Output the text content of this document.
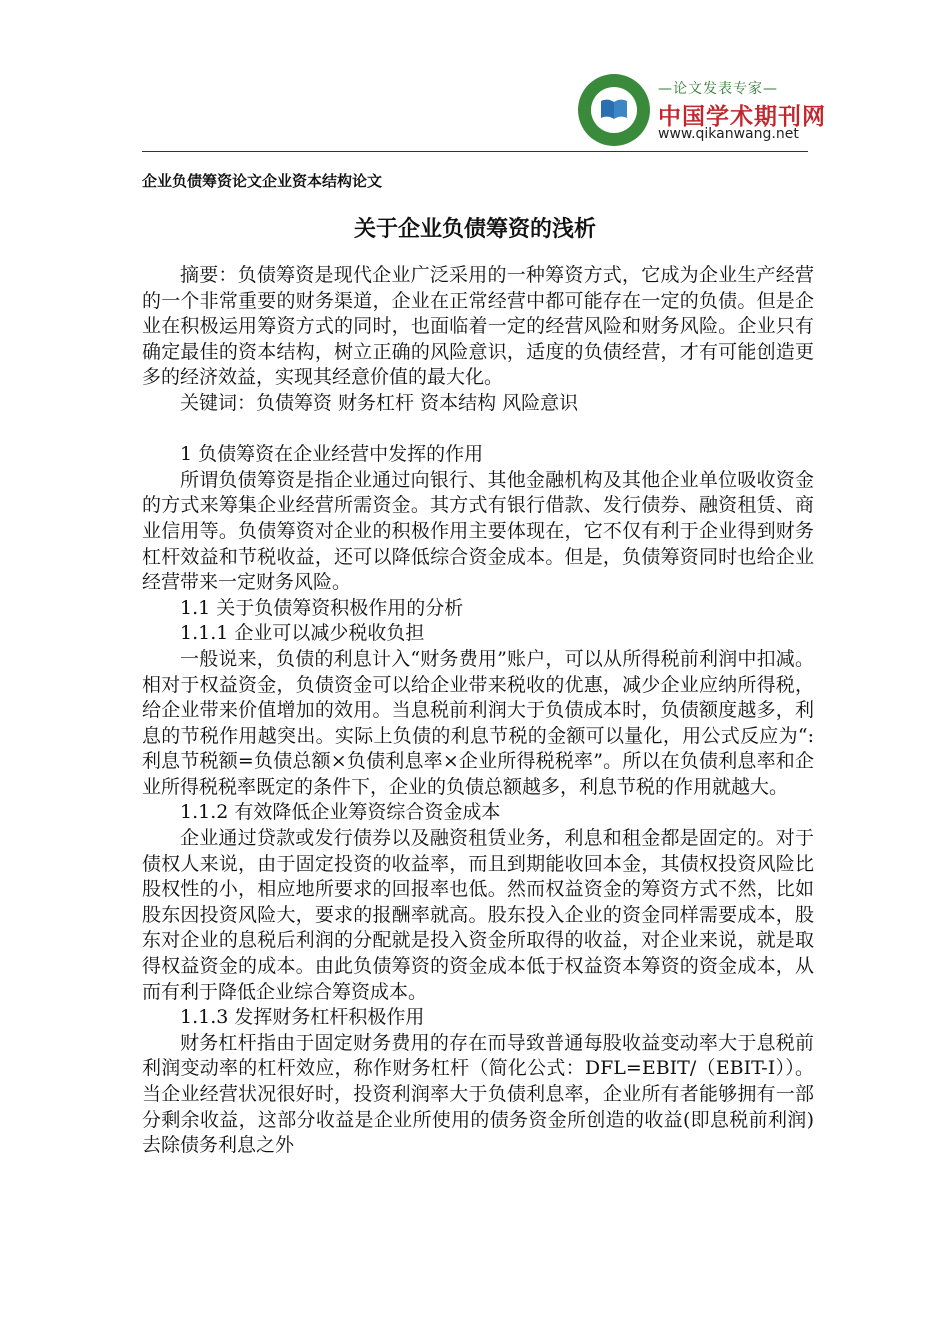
—论文发表专家—
中国学术期刊网
www.qikanwang.net
企业负债筹资论文企业资本结构论文
关于企业负债筹资的浅析

摘要：负债筹资是现代企业广泛采用的一种筹资方式，它成为企业生产经营的一个非常重要的财务渠道，企业在正常经营中都可能存在一定的负债。但是企业在积极运用筹资方式的同时，也面临着一定的经营风险和财务风险。企业只有确定最佳的资本结构，树立正确的风险意识，适度的负债经营，才有可能创造更多的经济效益，实现其经意价值的最大化。

关键词：负债筹资 财务杠杆 资本结构 风险意识

1 负债筹资在企业经营中发挥的作用

所谓负债筹资是指企业通过向银行、其他金融机构及其他企业单位吸收资金的方式来筹集企业经营所需资金。其方式有银行借款、发行债券、融资租赁、商业信用等。负债筹资对企业的积极作用主要体现在，它不仅有利于企业得到财务杠杆效益和节税收益，还可以降低综合资金成本。但是，负债筹资同时也给企业经营带来一定财务风险。

1.1 关于负债筹资积极作用的分析

1.1.1 企业可以减少税收负担

一般说来，负债的利息计入“财务费用”账户，可以从所得税前利润中扣减。相对于权益资金，负债资金可以给企业带来税收的优惠，减少企业应纳所得税，给企业带来价值增加的效用。当息税前利润大于负债成本时，负债额度越多，利息的节税作用越突出。实际上负债的利息节税的金额可以量化，用公式反应为“:利息节税额=负债总额×负债利息率×企业所得税税率”。所以在负债利息率和企业所得税税率既定的条件下，企业的负债总额越多，利息节税的作用就越大。

1.1.2 有效降低企业筹资综合资金成本

企业通过贷款或发行债券以及融资租赁业务，利息和租金都是固定的。对于债权人来说，由于固定投资的收益率，而且到期能收回本金，其债权投资风险比股权性的小，相应地所要求的回报率也低。然而权益资金的筹资方式不然，比如股东因投资风险大，要求的报酬率就高。股东投入企业的资金同样需要成本，股东对企业的息税后利润的分配就是投入资金所取得的收益，对企业来说，就是取得权益资金的成本。由此负债筹资的资金成本低于权益资本筹资的资金成本，从而有利于降低企业综合筹资成本。

1.1.3 发挥财务杠杆积极作用

财务杠杆指由于固定财务费用的存在而导致普通每股收益变动率大于息税前利润变动率的杠杆效应，称作财务杠杆（简化公式：DFL=EBIT/（EBIT-I））。当企业经营状况很好时，投资利润率大于负债利息率，企业所有者能够拥有一部分剩余收益，这部分收益是企业所使用的债务资金所创造的收益(即息税前利润) 去除债务利息之外
